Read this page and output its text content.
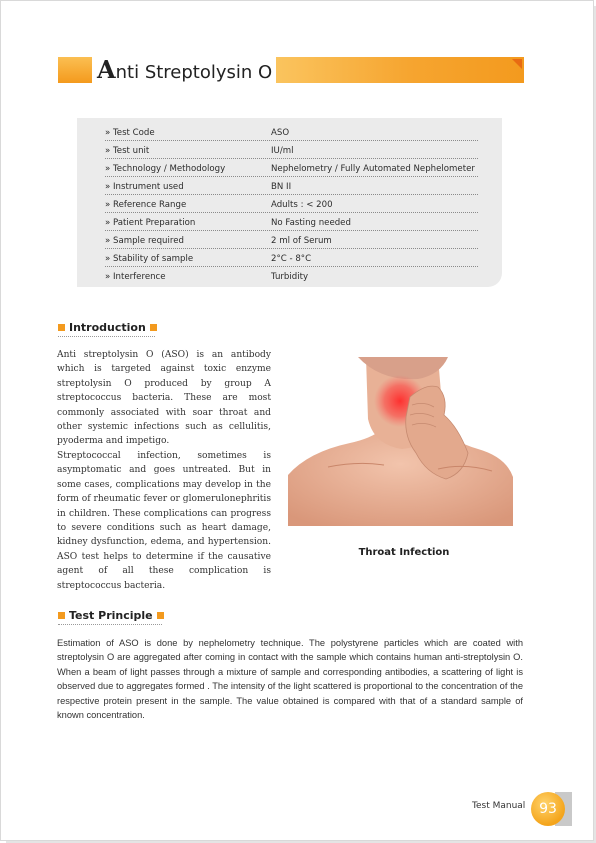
Anti Streptolysin O
» Test Code	ASO
» Test unit	IU/ml
» Technology / Methodology	Nephelometry / Fully Automated Nephelometer
» Instrument used	BN II
» Reference Range	Adults : < 200
» Patient Preparation	No Fasting needed
» Sample required	2 ml of Serum
» Stability of sample	2°C - 8°C
» Interference	Turbidity
Introduction
Anti streptolysin O (ASO) is an antibody which is targeted against toxic enzyme streptolysin O produced by group A streptococcus bacteria. These are most commonly associated with soar throat and other systemic infections such as cellulitis, pyoderma and impetigo.
Streptococcal infection, sometimes is asymptomatic and goes untreated. But in some cases, complications may develop in the form of rheumatic fever or glomerulonephritis in children. These complications can progress to severe conditions such as heart damage, kidney dysfunction, edema, and hypertension. ASO test helps to determine if the causative agent of all these complication is streptococcus bacteria.
Throat Infection
Test Principle
Estimation of ASO is done by nephelometry technique. The polystyrene particles which are coated with streptolysin O are aggregated after coming in contact with the sample which contains human anti-streptolysin O. When a beam of light passes through a mixture of sample and corresponding antibodies, a scattering of light is observed due to aggregates formed . The intensity of the light scattered is proportional to the concentration of the respective protein present in the sample. The value obtained is compared with that of a standard sample of known concentration.
Test Manual 93
